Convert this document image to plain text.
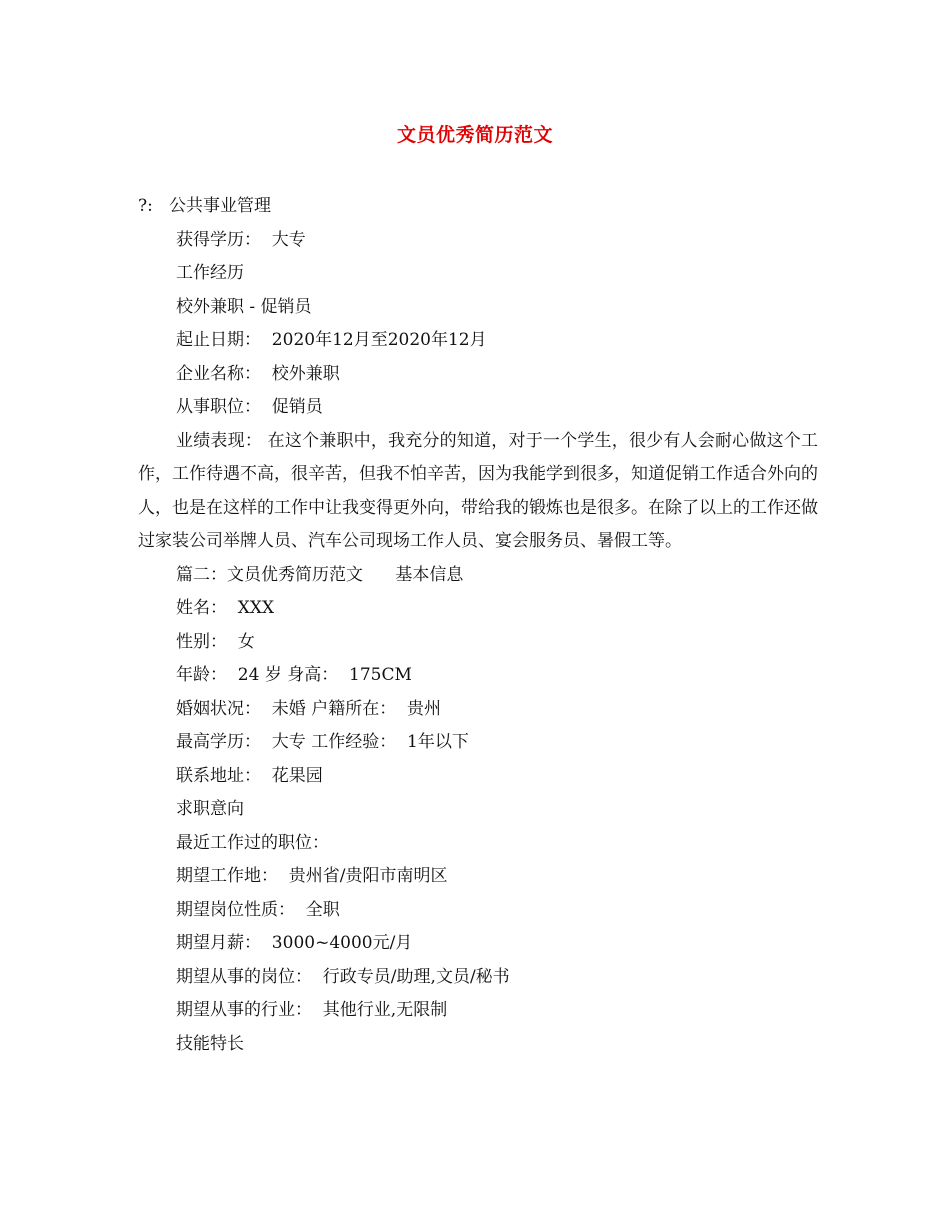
文员优秀简历范文
?:   公共事业管理
获得学历：  大专
工作经历
校外兼职 - 促销员
起止日期：  2020年12月至2020年12月
企业名称：  校外兼职
从事职位：  促销员

业绩表现： 在这个兼职中，我充分的知道，对于一个学生，很少有人会耐心做这个工作，工作待遇不高，很辛苦，但我不怕辛苦，因为我能学到很多，知道促销工作适合外向的人，也是在这样的工作中让我变得更外向，带给我的锻炼也是很多。在除了以上的工作还做过家装公司举牌人员、汽车公司现场工作人员、宴会服务员、暑假工等。

篇二：文员优秀简历范文      基本信息
姓名：  XXX
性别：  女
年龄：  24 岁 身高：  175CM
婚姻状况：  未婚 户籍所在：  贵州
最高学历：  大专 工作经验：  1年以下
联系地址：  花果园
求职意向
最近工作过的职位：
期望工作地：  贵州省/贵阳市南明区
期望岗位性质：  全职
期望月薪：  3000~4000元/月
期望从事的岗位：  行政专员/助理,文员/秘书
期望从事的行业：  其他行业,无限制
技能特长
